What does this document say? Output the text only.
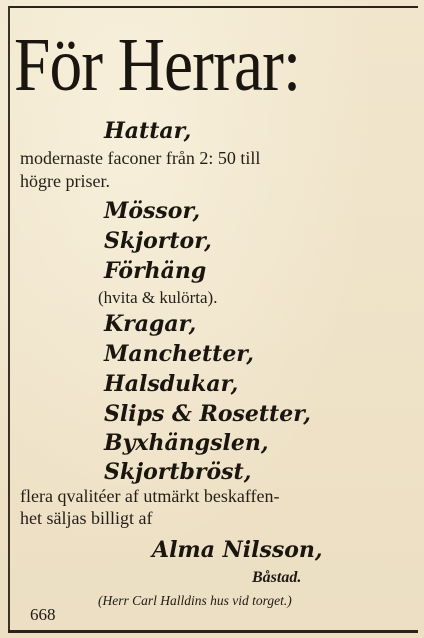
För Herrar:
Hattar,
modernaste faconer från 2: 50 till
högre priser.
Mössor,
Skjortor,
Förhäng
(hvita & kulörta).
Kragar,
Manchetter,
Halsdukar,
Slips & Rosetter,
Byxhängslen,
Skjortbröst,
flera qvalitéer af utmärkt beskaffen-
het säljas billigt af
Alma Nilsson,
Båstad.
668
(Herr Carl Halldins hus vid torget.)
